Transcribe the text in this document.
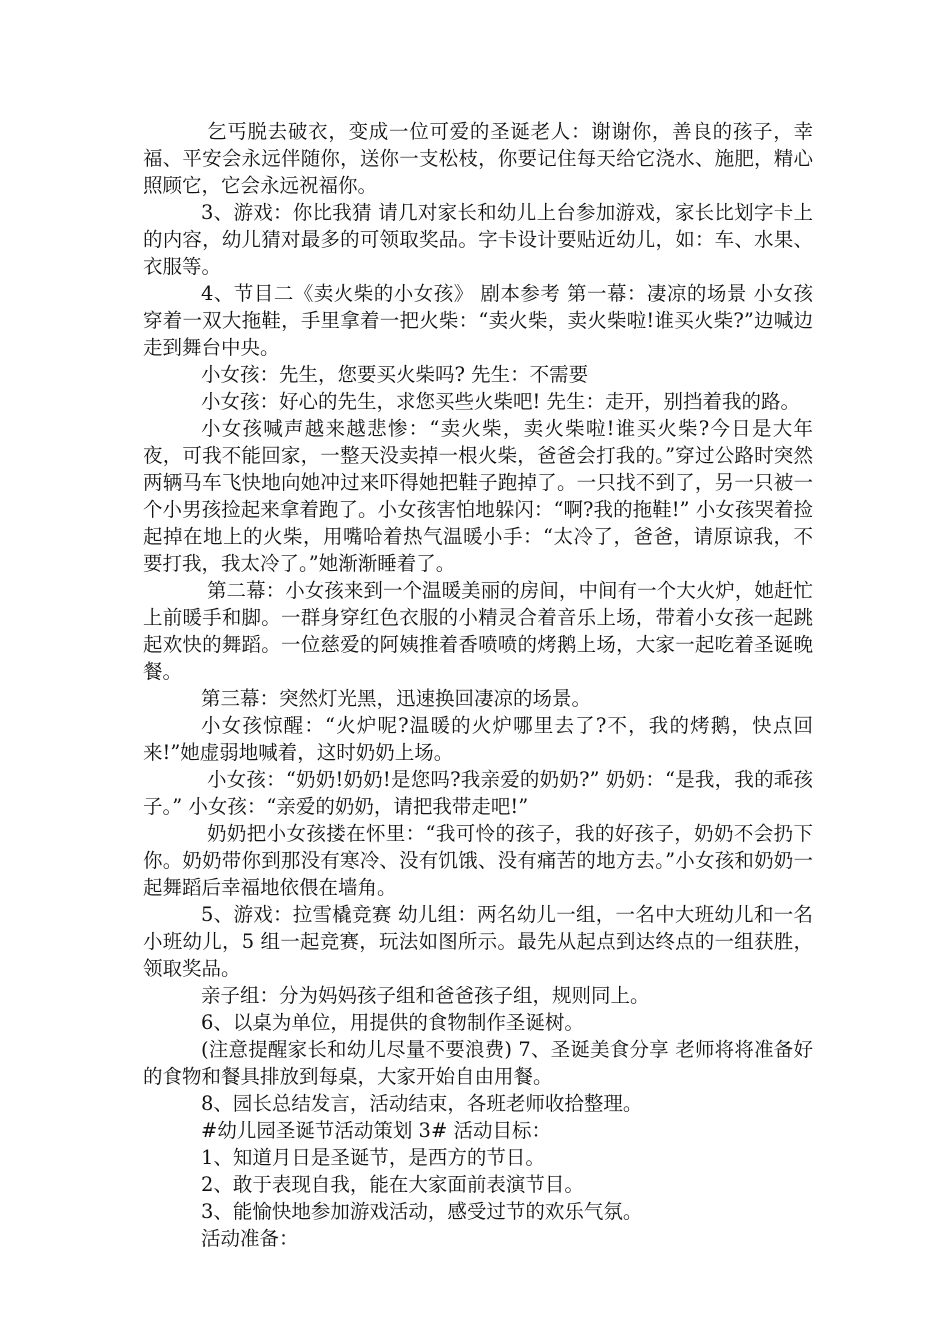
乞丐脱去破衣，变成一位可爱的圣诞老人：谢谢你，善良的孩子，幸福、平安会永远伴随你，送你一支松枝，你要记住每天给它浇水、施肥，精心照顾它，它会永远祝福你。

3、游戏：你比我猜 请几对家长和幼儿上台参加游戏，家长比划字卡上的内容，幼儿猜对最多的可领取奖品。字卡设计要贴近幼儿，如：车、水果、衣服等。

4、节目二《卖火柴的小女孩》 剧本参考 第一幕：凄凉的场景 小女孩穿着一双大拖鞋，手里拿着一把火柴：“卖火柴，卖火柴啦!谁买火柴?”边喊边走到舞台中央。

小女孩：先生，您要买火柴吗? 先生：不需要

小女孩：好心的先生，求您买些火柴吧! 先生：走开，别挡着我的路。

小女孩喊声越来越悲惨：“卖火柴，卖火柴啦!谁买火柴?今日是大年夜，可我不能回家，一整天没卖掉一根火柴，爸爸会打我的。”穿过公路时突然两辆马车飞快地向她冲过来吓得她把鞋子跑掉了。一只找不到了，另一只被一个小男孩捡起来拿着跑了。小女孩害怕地躲闪：“啊?我的拖鞋!” 小女孩哭着捡起掉在地上的火柴，用嘴哈着热气温暖小手：“太冷了，爸爸，请原谅我，不要打我，我太冷了。”她渐渐睡着了。

第二幕：小女孩来到一个温暖美丽的房间，中间有一个大火炉，她赶忙上前暖手和脚。一群身穿红色衣服的小精灵合着音乐上场，带着小女孩一起跳起欢快的舞蹈。一位慈爱的阿姨推着香喷喷的烤鹅上场，大家一起吃着圣诞晚餐。

第三幕：突然灯光黑，迅速换回凄凉的场景。

小女孩惊醒：“火炉呢?温暖的火炉哪里去了?不，我的烤鹅，快点回来!”她虚弱地喊着，这时奶奶上场。

小女孩：“奶奶!奶奶!是您吗?我亲爱的奶奶?” 奶奶：“是我，我的乖孩子。” 小女孩：“亲爱的奶奶，请把我带走吧!”

奶奶把小女孩搂在怀里：“我可怜的孩子，我的好孩子，奶奶不会扔下你。奶奶带你到那没有寒冷、没有饥饿、没有痛苦的地方去。”小女孩和奶奶一起舞蹈后幸福地依偎在墙角。

5、游戏：拉雪橇竞赛 幼儿组：两名幼儿一组，一名中大班幼儿和一名小班幼儿，5 组一起竞赛，玩法如图所示。最先从起点到达终点的一组获胜，领取奖品。

亲子组：分为妈妈孩子组和爸爸孩子组，规则同上。

6、以桌为单位，用提供的食物制作圣诞树。

(注意提醒家长和幼儿尽量不要浪费) 7、圣诞美食分享 老师将将准备好的食物和餐具排放到每桌，大家开始自由用餐。

8、园长总结发言，活动结束，各班老师收拾整理。

#幼儿园圣诞节活动策划 3# 活动目标：

1、知道月日是圣诞节，是西方的节日。

2、敢于表现自我，能在大家面前表演节目。

3、能愉快地参加游戏活动，感受过节的欢乐气氛。

活动准备：
